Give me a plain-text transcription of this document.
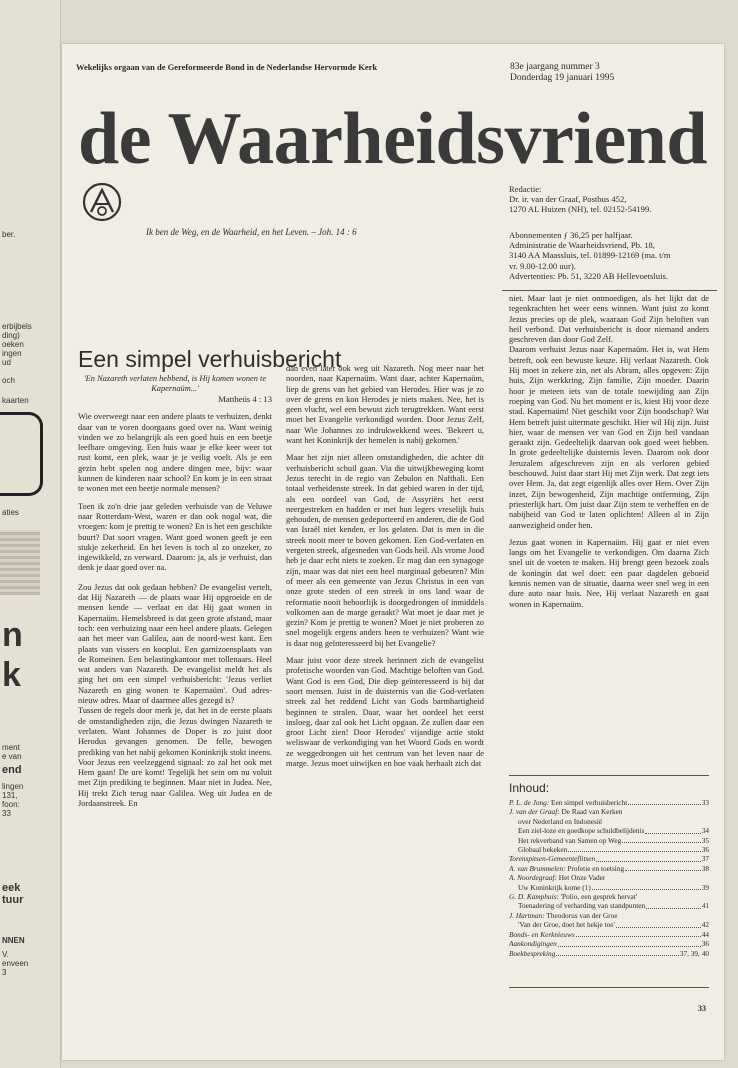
ber.
erbijbels
ding)
oeken
ingen
ud
och
kaarten
aties
n
k
ment
e van
end
lingen
131,
foon:
33
eek
tuur
NNEN
V.
enveen
3
Wekelijks orgaan van de Gereformeerde Bond in de Nederlandse Hervormde Kerk	83e jaargang nummer 3
Donderdag 19 januari 1995
de Waarheidsvriend
Ik ben de Weg, en de Waarheid, en het Leven. – Joh. 14 : 6
Redactie:
Dr. ir. van der Graaf, Postbus 452,
1270 AL Huizen (NH), tel. 02152-54199.
Abonnementen ƒ 36,25 per halfjaar.
Administratie de Waarheidsvriend, Pb. 18,
3140 AA Maassluis, tel. 01899-12169 (ma. t/m
vr. 9.00-12.00 uur).
Advertenties: Pb. 51, 3220 AB Hellevoetsluis.
Een simpel verhuisbericht
'En Nazareth verlaten hebbend, is Hij komen wonen te Kapernaüm...'
Mattheüs 4 : 13

Wie overweegt naar een andere plaats te verhuizen, denkt daar van te voren doorgaans goed over na. Want weinig vinden we zo belangrijk als een goed huis en een beetje leefbare omgeving. Een huis waar je elke keer weer tot rust komt, een plek, waar je je veilig voelt. Als je een gezin hebt spelen nog andere dingen mee, bijv: waar kunnen de kinderen naar school? En kom je in een straat te wonen met een beetje normale mensen?

Toen ik zo'n drie jaar geleden verhuisde van de Veluwe naar Rotterdam-West, waren er dan ook nogal wat, die vroegen: kom je prettig te wonen? En is het een geschikte buurt? Dat soort vragen. Want goed wonen geeft je een stukje zekerheid. En het leven is toch al zo onzeker, zo ingewikkeld, zo verward. Daarom: ja, als je verhuist, dan denk je daar goed over na.

Zou Jezus dat ook gedaan hebben? De evangelist vertelt, dat Hij Nazareth — de plaats waar Hij opgroeide en de mensen kende — verlaat en dat Hij gaat wonen in Kapernaüm. Hemelsbreed is dat geen grote afstand, maar toch: een verhuizing naar een heel andere plaats. Gelegen aan het meer van Galilea, aan de noord-west kant. Een plaats van vissers en kooplui. Een garnizoensplaats van de Romeinen. Een belastingkantoor met tollenaars. Heel wat anders van Nazareth. De evangelist meldt het als ging het om een simpel verhuisbericht: 'Jezus verliet Nazareth en ging wonen te Kapernaüm'. Oud adres-nieuw adres. Maar of daarmee alles gezegd is?

Tussen de regels door merk je, dat het in de eerste plaats de omstandigheden zijn, die Jezus dwingen Nazareth te verlaten. Want Johannes de Doper is zo juist door Herodus gevangen genomen. De felle, bewogen prediking van het nabij gekomen Koninkrijk stokt ineens. Voor Jezus een veelzeggend signaal: zo zal het ook met Hem gaan! De ure komt! Tegelijk het sein om nu voluit met Zijn prediking te beginnen. Maar niet in Judea. Nee, Hij trekt Zich terug naar Galilea. Weg uit Judea en de Jordaanstreek. En

dan even later ook weg uit Nazareth. Nog meer naar het noorden, naar Kapernaüm. Want daar, achter Kapernaüm, liep de grens van het gebied van Herodes. Hier was je zo over de grens en kon Herodes je niets maken. Nee, het is geen vlucht, wel een bewust zich terugtrekken. Want eerst moet het Evangelie verkondigd worden. Door Jezus Zelf, naar Wie Johannes zo indrukwekkend wees. 'Bekeert u, want het Koninkrijk der hemelen is nabij gekomen.'

Maar het zijn niet alleen omstandigheden, die achter dit verhuisbericht schuil gaan. Via die uitwijkbeweging komt Jezus terecht in de regio van Zebulon en Nafthali. Een totaal verheidenste streek. In dat gebied waren in der tijd, als een oordeel van God, de Assyriërs het eerst neergestreken en hadden er met hun legers vreselijk huis gehouden, de mensen gedeporteerd en anderen, die de God van Israël niet kenden, er los gelaten. Dat is men in die streek nooit meer te boven gekomen. Een God-verlaten en vergeten streek, afgesneden van Gods heil. Als vrome Jood heb je daar echt niets te zoeken. Er mag dan een synagoge zijn, maar was dat niet een heel marginaal gebeuren? Min of meer als een gemeente van Jezus Christus in een van onze grote steden of een streek in ons land waar de reformatie nooit behoorlijk is doorgedrongen of inmiddels volkomen aan de marge geraakt? Wat moet je daar met je gezin? Kom je prettig te wonen? Moet je niet proberen zo snel mogelijk ergens anders heen te verhuizen? Want wie is daar nog geïnteresseerd bij het Evangelie?

Maar juist voor deze streek herinnert zich de evangelist profetische woorden van God. Machtige beloften van God. Want God is een God, Die diep geïnteresseerd is bij dat soort mensen. Juist in de duisternis van die God-verlaten streek zal het reddend Licht van Gods barmhartigheid beginnen te stralen. Daar, waar het oordeel het eerst insloeg, daar zal ook het Licht opgaan. Ze zullen daar een groot Licht zien! Door Herodes' vijandige actie stokt weliswaar de verkondiging van het Woord Gods en wordt ze weggedrongen uit het centrum van het leven naar de marge. Jezus moet uitwijken en hoe vaak herhaalt zich dat

niet. Maar laat je niet ontmoedigen, als het lijkt dat de tegenkrachten het weer eens winnen. Want juist zo komt Jezus precies op de plek, waaraan God Zijn beloften van heil verbond. Dat verhuisbericht is door niemand anders geschreven dan door God Zelf.

Daarom verhuist Jezus naar Kapernaüm. Het is, wat Hem betreft, ook een bewuste keuze. Hij verlaat Nazareth. Ook Hij moet in zekere zin, net als Abram, alles opgeven: Zijn huis, Zijn werkkring, Zijn familie, Zijn moeder. Daarin hoor je meteen iets van de totale toewijding aan Zijn roeping van God. Nu het moment er is, kiest Hij voor deze stad. Kapernaüm! Niet geschikt voor Zijn boodschap? Wat Hem betreft juist uitermate geschikt. Hier wil Hij zijn. Juist hier, waar de mensen ver van God en Zijn heil vandaan geraakt zijn. Gedeeltelijk daarvan ook goed weet hebben. In grote gedeeltelijke duisternis leven. Daarom ook door Jeruzalem afgeschreven zijn en als verloren gebied beschouwd. Juist daar start Hij met Zijn werk. Dat zegt iets over Hem. Ja, dat zegt eigenlijk alles over Hem. Over Zijn inzet, Zijn bewogenheid, Zijn machtige ontferming, Zijn priesterlijk hart. Om juist daar Zijn stem te verheffen en de nabijheid van God te laten oplichten! Alleen al in Zijn aanwezigheid onder hen.

Jezus gaat wonen in Kapernaüm. Hij gaat er niet even langs om het Evangelie te verkondigen. Om daarna Zich snel uit de voeten te maken. Hij brengt geen bezoek zoals de koningin dat wel doet: een paar dagdelen geboeid kennis nemen van de situatie, daarna weer snel weg in een dure auto naar huis. Nee, Hij verlaat Nazareth en gaat wonen in Kapernaüm.

Inhoud:
P. L. de Jong: Een simpel verhuisbericht	33
J. van der Graaf: De Raad van Kerken
over Nederland en Indonesië
Een ziel-loze en goedkope schuldbelijdenis	34
Het rekverband van Samen op Weg	35
Globaal bekeken	36
Torenspitsen-Gemeenteflitsen	37
A. van Brummelen: Profetie en toetsing	38
A. Noordegraaf: Het Onze Vader
Uw Koninkrijk kome (1)	39
G. D. Kamphuis: 'Polio, een gesprek hervat'
Toenadering of verharding van standpunten	41
J. Hartman: Theodorus van der Groe
'Van der Groe, doet het hekje toe'	42
Bonds- en Kerknieuws	44
Aankondigingen	36
Boekbespreking	37, 39, 40
33
